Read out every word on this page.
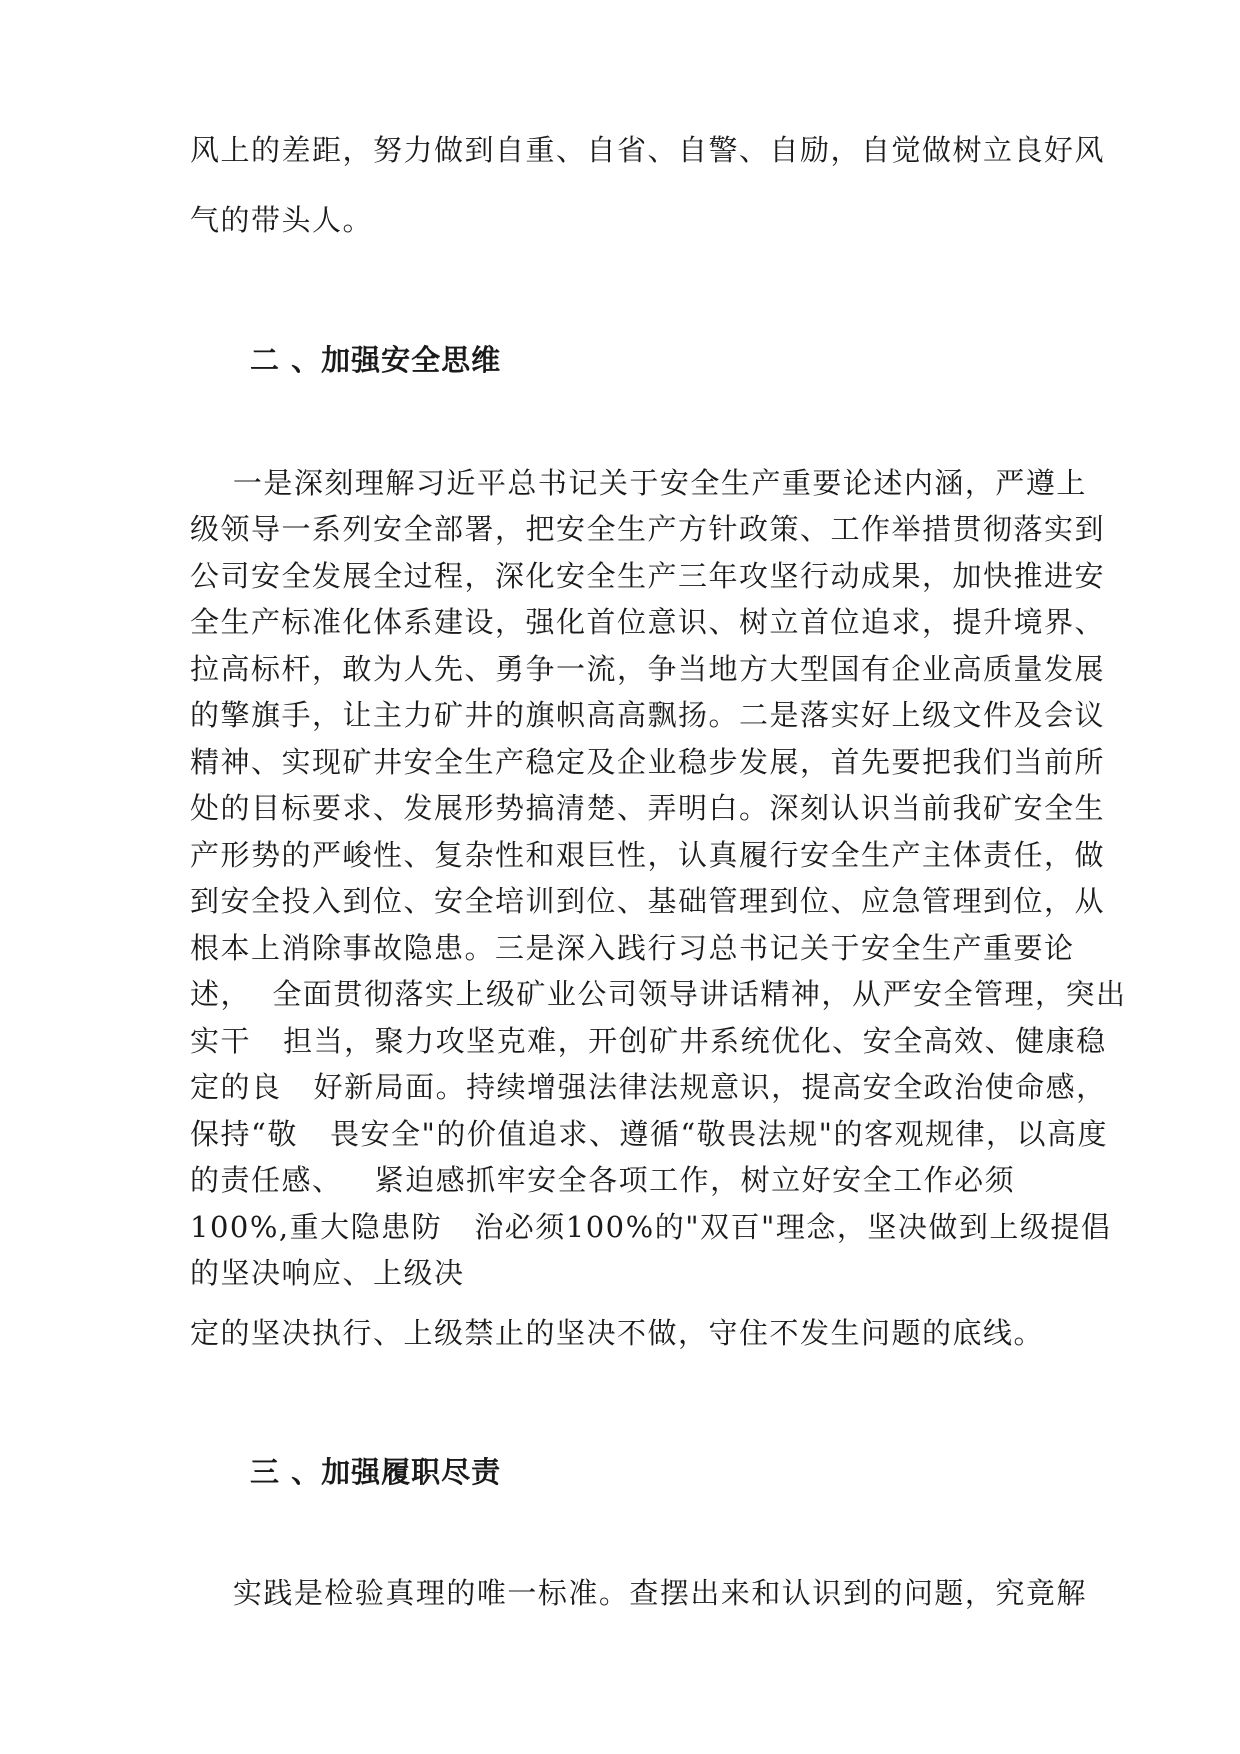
风上的差距，努力做到自重、自省、自警、自励，自觉做树立良好风
气的带头人。
二 、加强安全思维
一是深刻理解习近平总书记关于安全生产重要论述内涵，严遵上
级领导一系列安全部署，把安全生产方针政策、工作举措贯彻落实到
公司安全发展全过程，深化安全生产三年攻坚行动成果，加快推进安
全生产标准化体系建设，强化首位意识、树立首位追求，提升境界、
拉高标杆，敢为人先、勇争一流，争当地方大型国有企业高质量发展
的擎旗手，让主力矿井的旗帜高高飘扬。二是落实好上级文件及会议
精神、实现矿井安全生产稳定及企业稳步发展，首先要把我们当前所
处的目标要求、发展形势搞清楚、弄明白。深刻认识当前我矿安全生
产形势的严峻性、复杂性和艰巨性，认真履行安全生产主体责任，做
到安全投入到位、安全培训到位、基础管理到位、应急管理到位，从
根本上消除事故隐患。三是深入践行习总书记关于安全生产重要论
述，  全面贯彻落实上级矿业公司领导讲话精神，从严安全管理，突出
实干   担当，聚力攻坚克难，开创矿井系统优化、安全高效、健康稳
定的良   好新局面。持续增强法律法规意识，提高安全政治使命感，
保持“敬   畏安全"的价值追求、遵循“敬畏法规"的客观规律，以高度
的责任感、   紧迫感抓牢安全各项工作，树立好安全工作必须
100%,重大隐患防   治必须100%的"双百"理念，坚决做到上级提倡
的坚决响应、上级决
定的坚决执行、上级禁止的坚决不做，守住不发生问题的底线。
三 、加强履职尽责
实践是检验真理的唯一标准。查摆出来和认识到的问题，究竟解
